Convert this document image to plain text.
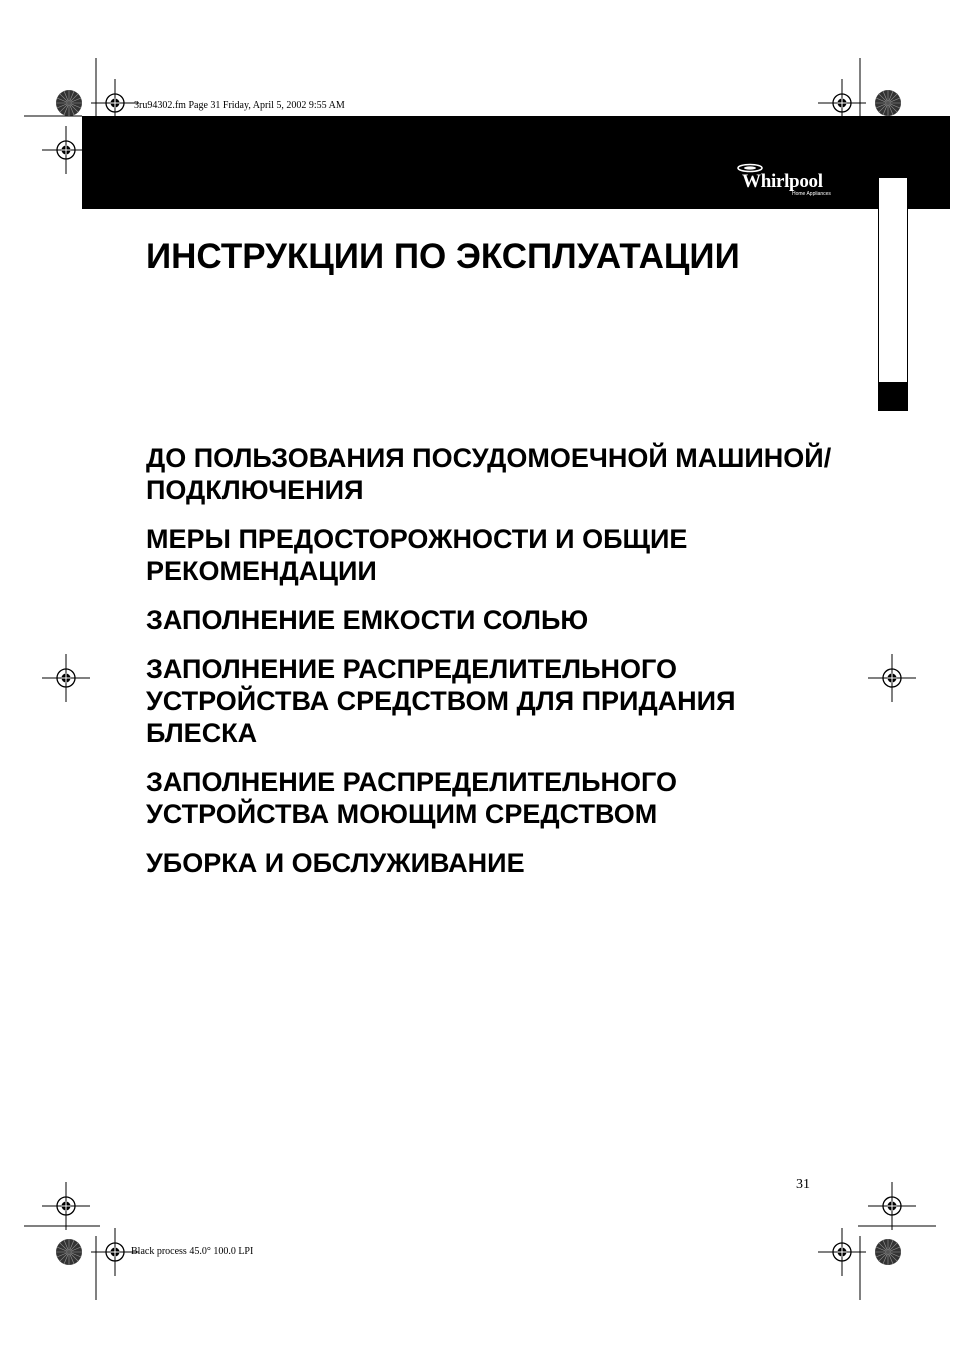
3ru94302.fm Page 31 Friday, April 5, 2002 9:55 AM
Whirlpool
Home Appliances
ИНСТРУКЦИИ ПО ЭКСПЛУАТАЦИИ
ДО ПОЛЬЗОВАНИЯ ПОСУДОМОЕЧНОЙ МАШИНОЙ/ПОДКЛЮЧЕНИЯ
МЕРЫ ПРЕДОСТОРОЖНОСТИ И ОБЩИЕ РЕКОМЕНДАЦИИ
ЗАПОЛНЕНИЕ ЕМКОСТИ СОЛЬЮ
ЗАПОЛНЕНИЕ РАСПРЕДЕЛИТЕЛЬНОГО УСТРОЙСТВА СРЕДСТВОМ ДЛЯ ПРИДАНИЯ БЛЕСКА
ЗАПОЛНЕНИЕ РАСПРЕДЕЛИТЕЛЬНОГО УСТРОЙСТВА МОЮЩИМ СРЕДСТВОМ
УБОРКА И ОБСЛУЖИВАНИЕ
31
Black process 45.0° 100.0 LPI
